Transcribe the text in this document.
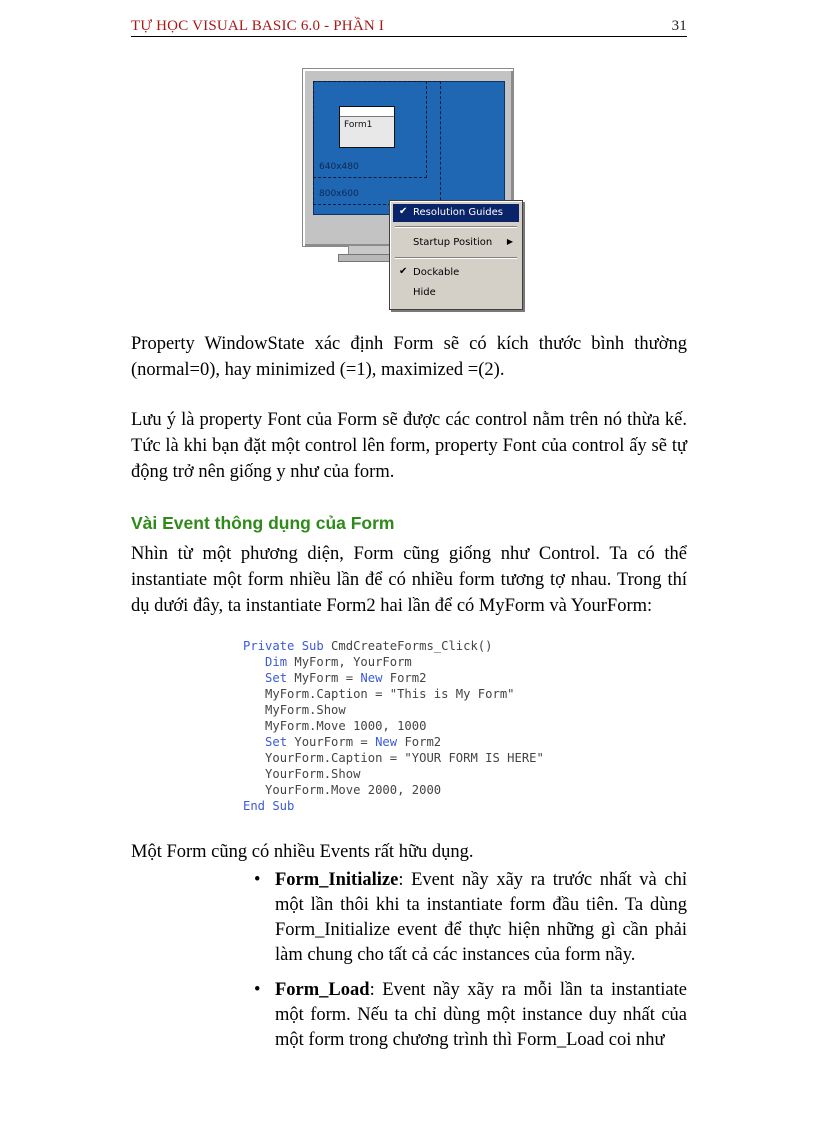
TỰ HỌC VISUAL BASIC 6.0 - PHẦN I	31
Form1
640x480
800x600
✔ Resolution Guides
Startup Position ▶
✔ Dockable
Hide

Property WindowState xác định Form sẽ có kích thước bình thường (normal=0), hay minimized (=1), maximized =(2).

Lưu ý là property Font của Form sẽ được các control nằm trên nó thừa kế. Tức là khi bạn đặt một control lên form, property Font của control ấy sẽ tự động trở nên giống y như của form.

Vài Event thông dụng của Form

Nhìn từ một phương diện, Form cũng giống như Control. Ta có thể instantiate một form nhiều lần để có nhiều form tương tợ nhau. Trong thí dụ dưới đây, ta instantiate Form2 hai lần để có MyForm và YourForm:

Private Sub CmdCreateForms_Click()
Dim MyForm, YourForm
Set MyForm = New Form2
MyForm.Caption = "This is My Form"
MyForm.Show
MyForm.Move 1000, 1000
Set YourForm = New Form2
YourForm.Caption = "YOUR FORM IS HERE"
YourForm.Show
YourForm.Move 2000, 2000
End Sub

Một Form cũng có nhiều Events rất hữu dụng.

• Form_Initialize: Event nầy xãy ra trước nhất và chỉ một lần thôi khi ta instantiate form đầu tiên. Ta dùng Form_Initialize event để thực hiện những gì cần phải làm chung cho tất cả các instances của form nầy.
• Form_Load: Event nầy xãy ra mỗi lần ta instantiate một form. Nếu ta chỉ dùng một instance duy nhất của một form trong chương trình thì Form_Load coi như
